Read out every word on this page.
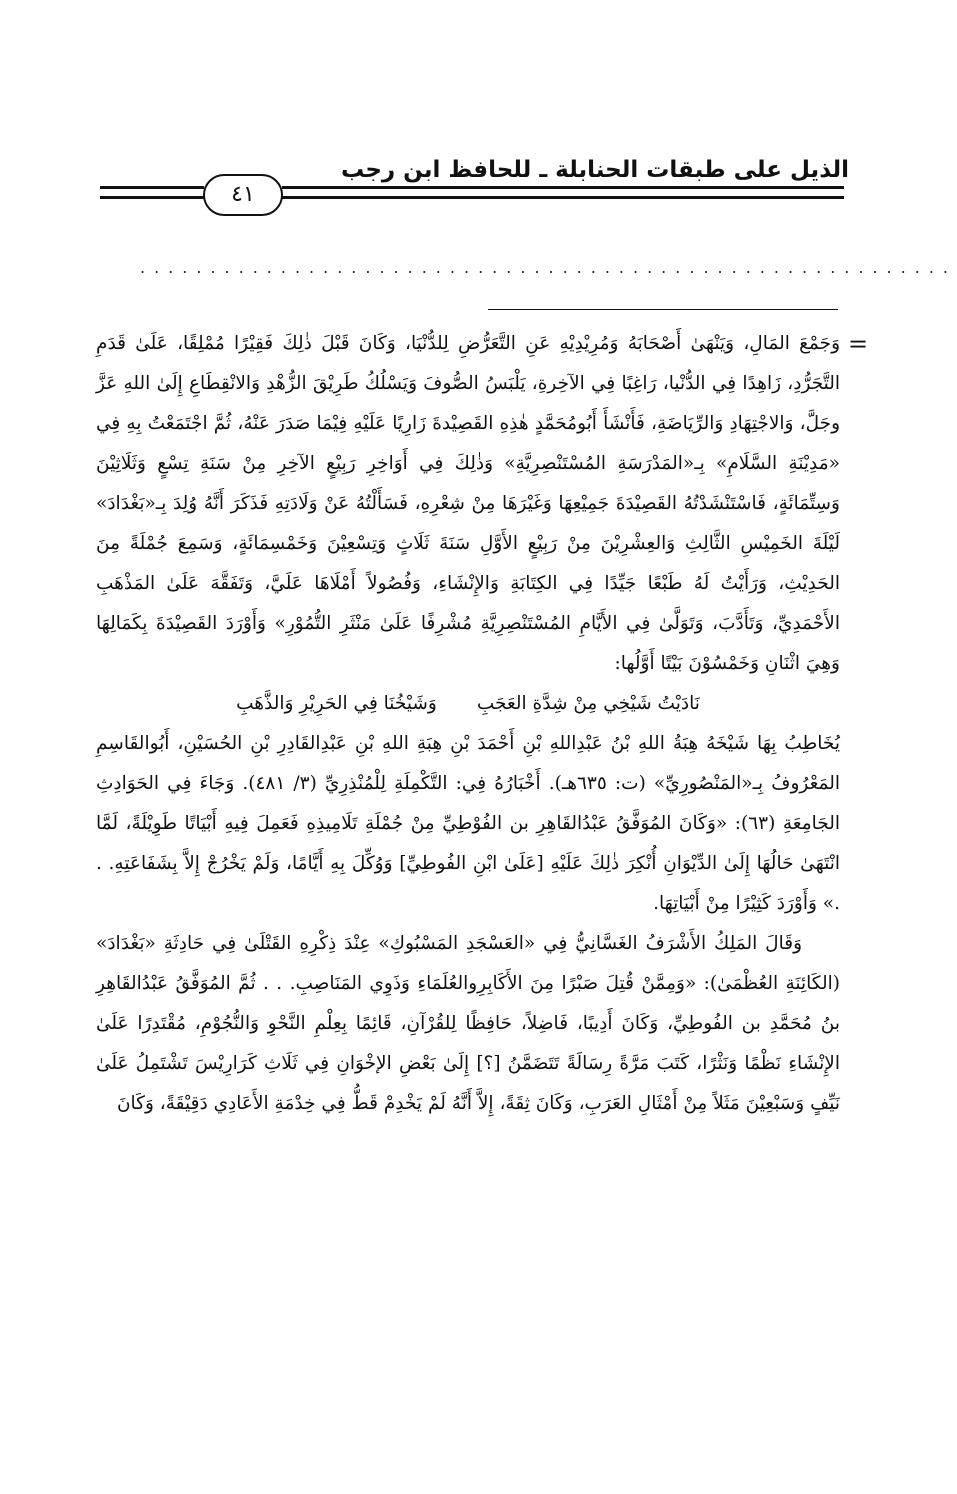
الذيل على طبقات الحنابلة ـ للحافظ ابن رجب
٤١
..........................................................
=

وَجَمْعَ المَالِ، وَيَنْهَىٰ أَصْحَابَهُ وَمُرِيْدِيْهِ عَنِ التَّعَرُّضِ لِلدُّنْيَا، وَكَانَ قَبْلَ ذٰلِكَ فَقِيْرًا مُمْلِقًا، عَلَىٰ قَدَمِ التَّجَرُّدِ، زَاهِدًا فِي الدُّنْيا، رَاغِبًا فِي الآخِرةِ، يَلْبَسُ الصُّوفَ وَيَسْلُكُ طَرِيْقَ الزُّهْدِ وَالانْقِطَاعِ إِلَىٰ اللهِ عَزَّ وجَلَّ، وَالاجْتِهَادِ وَالرِّيَاضَةِ، فَأَنْشَأَ أَبُومُحَمَّدٍ هٰذِهِ القَصِيْدةَ زَارِيًا عَلَيْهِ فِيْمَا صَدَرَ عَنْهُ، ثُمَّ اجْتَمَعْتُ بِهِ فِي «مَدِيْنَةِ السَّلَامِ» بِـ«المَدْرَسَةِ المُسْتَنْصِرِيَّةِ» وَذٰلِكَ فِي أَوَاخِرِ رَبِيْعٍ الآخِرِ مِنْ سَنَةِ تِسْعٍ وَثَلَاثِيْنَ وَسِتِّمَائَةٍ، فَاسْتَنْشَدْتُهُ القَصِيْدَةَ جَمِيْعِهَا وَغَيْرَهَا مِنْ شِعْرِهِ، فَسَأَلْتُهُ عَنْ وَلَادَتِهِ فَذَكَرَ أَنَّهُ وُلِدَ بِـ«بَغْدَادَ» لَيْلَةَ الخَمِيْسِ الثَّالِثِ وَالعِشْرِيْنَ مِنْ رَبِيْعٍ الأَوَّلِ سَنَةَ ثَلَاثٍ وَتِسْعِيْنَ وَخَمْسِمَائَةٍ، وَسَمِعَ جُمْلَةً مِنَ الحَدِيْثِ، وَرَأَيْتُ لَهُ طَبْعًا جَيِّدًا فِي الكِتَابَةِ وَالإِنْشَاءِ، وَفُصُولاً أَمْلَاهَا عَلَيَّ، وَتَفَقَّهَ عَلَىٰ المَذْهَبِ الأَحْمَدِيِّ، وَتَأَدَّبَ، وَتَوَلَّىٰ فِي الأَيَّامِ المُسْتَنْصِرِيَّةِ مُشْرِفًا عَلَىٰ مَنْثَرِ التُّمُوْرِ» وَأَوْرَدَ القَصِيْدَةَ بِكَمَالِهَا وَهِيَ اثْنَانِ وَخَمْسُوْنَ بَيْتًا أَوَّلُها:

نَادَيْتُ شَيْخِي مِنْ شِدَّةِ العَجَبِ
وَشَيْخُنَا فِي الحَرِيْرِ وَالذَّهَبِ

يُخَاطِبُ بِهَا شَيْخَهُ هِبَةُ اللهِ بْنُ عَبْدِاللهِ بْنِ أَحْمَدَ بْنِ هِبَةِ اللهِ بْنِ عَبْدِالقَادِرِ بْنِ الحُسَيْنِ، أَبُوالقَاسِمِ المَعْرُوفُ بِـ«المَنْصُورِيِّ» (ت: ٦٣٥هـ). أَخْبَارُهُ فِي: التَّكْمِلَةِ لِلْمُنْذِرِيِّ (٣/ ٤٨١). وَجَاءَ فِي الحَوَادِثِ الجَامِعَةِ (٦٣): «وَكَانَ المُوَفَّقُ عَبْدُالقَاهِرِ بن الفُوْطِيِّ مِنْ جُمْلَةِ تَلَامِيذِهِ فَعَمِلَ فِيهِ أَبْيَاتًا طَوِيْلَةً، لَمَّا انْتَهَىٰ حَالُهَا إِلَىٰ الدِّيْوَانِ أُنْكِرَ ذٰلِكَ عَلَيْهِ [عَلَىٰ ابْنِ الفُوطِيِّ] وَوُكِّلَ بِهِ أَيَّامًا، وَلَمْ يَخْرُجْ إِلاَّ بِشَفَاعَتِهِ. . .» وَأَوْرَدَ كَثِيْرًا مِنْ أَبْيَاتِهَا.

وَقَالَ المَلِكُ الأَشْرَفُ الغَسَّانِيُّ فِي «العَسْجَدِ المَسْبُوكِ» عِنْدَ ذِكْرِهِ القَتْلَىٰ فِي حَادِثَةِ «بَغْدَادَ» (الكَائِنَةِ العُظْمَىٰ): «وَمِمَّنْ قُتِلَ صَبْرًا مِنَ الأَكَابِرِوالعُلَمَاءِ وَذَوِي المَنَاصِبِ. . . ثُمَّ المُوَفَّقُ عَبْدُالقَاهِرِ بنُ مُحَمَّدِ بن الفُوطِيِّ، وَكَانَ أَدِيبًا، فَاضِلاً، حَافِظًا لِلقُرْآنِ، قَائِمًا بِعِلْمِ النَّحْوِ وَالنُّجُوْمِ، مُقْتَدِرًا عَلَىٰ الإِنْشَاءِ نَظْمًا وَنَثْرًا، كَتَبَ مَرَّةً رِسَالَةً تَتَضَمَّنُ [؟] إِلَىٰ بَعْضِ الإخْوَانِ فِي ثَلَاثِ كَرَارِيْسَ تَشْتَمِلُ عَلَىٰ نَيِّفٍ وَسَبْعِيْنَ مَثَلاً مِنْ أَمْثَالِ العَرَبِ، وَكَانَ ثِقَةً، إِلاَّ أَنَّهُ لَمْ يَخْدِمْ قَطُّ فِي خِدْمَةِ الأَعَادِي دَقِيْقَةً، وَكَانَ
